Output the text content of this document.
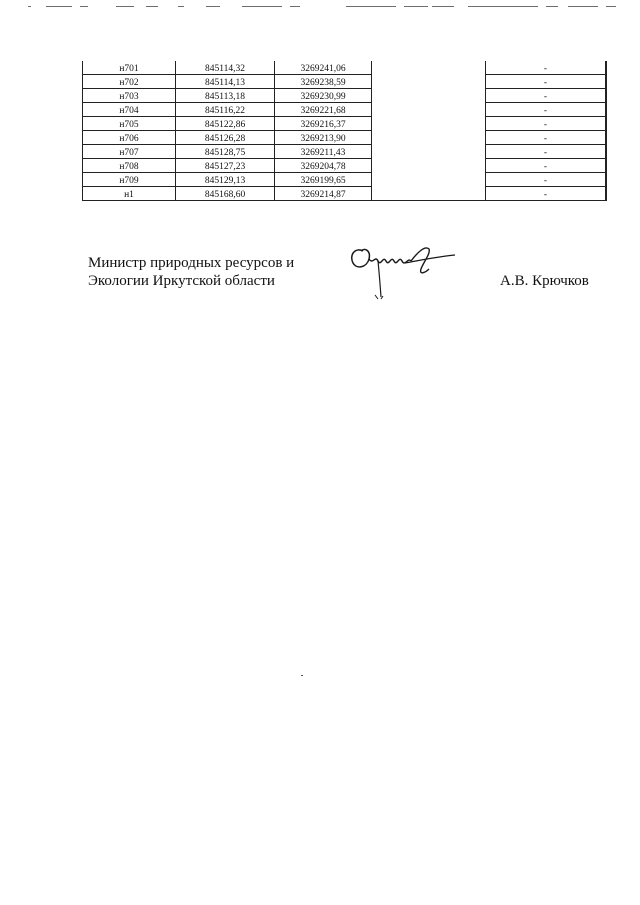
н701	845114,32	3269241,06		-
н702	845114,13	3269238,59		-
н703	845113,18	3269230,99		-
н704	845116,22	3269221,68		-
н705	845122,86	3269216,37		-
н706	845126,28	3269213,90		-
н707	845128,75	3269211,43		-
н708	845127,23	3269204,78		-
н709	845129,13	3269199,65		-
н1	845168,60	3269214,87		-
Министр природных ресурсов и
Экологии Иркутской области	А.В. Крючков
